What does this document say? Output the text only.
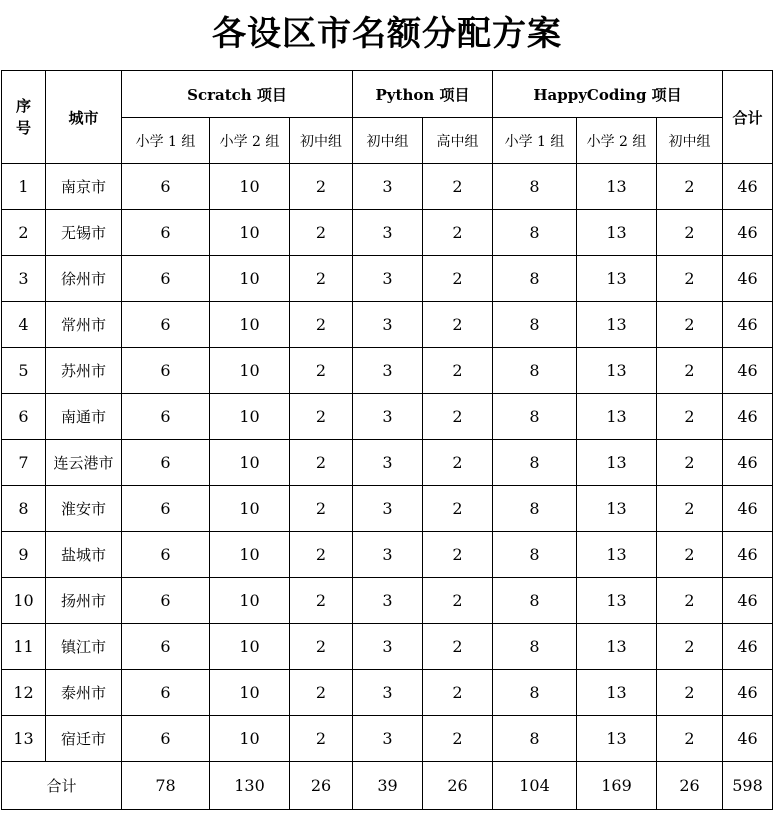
各设区市名额分配方案
序
号	城市	Scratch 项目			Python 项目		HappyCoding 项目			合计
		小学 1 组	小学 2 组	初中组	初中组	高中组	小学 1 组	小学 2 组	初中组	
1	南京市	6	10	2	3	2	8	13	2	46
2	无锡市	6	10	2	3	2	8	13	2	46
3	徐州市	6	10	2	3	2	8	13	2	46
4	常州市	6	10	2	3	2	8	13	2	46
5	苏州市	6	10	2	3	2	8	13	2	46
6	南通市	6	10	2	3	2	8	13	2	46
7	连云港市	6	10	2	3	2	8	13	2	46
8	淮安市	6	10	2	3	2	8	13	2	46
9	盐城市	6	10	2	3	2	8	13	2	46
10	扬州市	6	10	2	3	2	8	13	2	46
11	镇江市	6	10	2	3	2	8	13	2	46
12	泰州市	6	10	2	3	2	8	13	2	46
13	宿迁市	6	10	2	3	2	8	13	2	46
合计		78	130	26	39	26	104	169	26	598
